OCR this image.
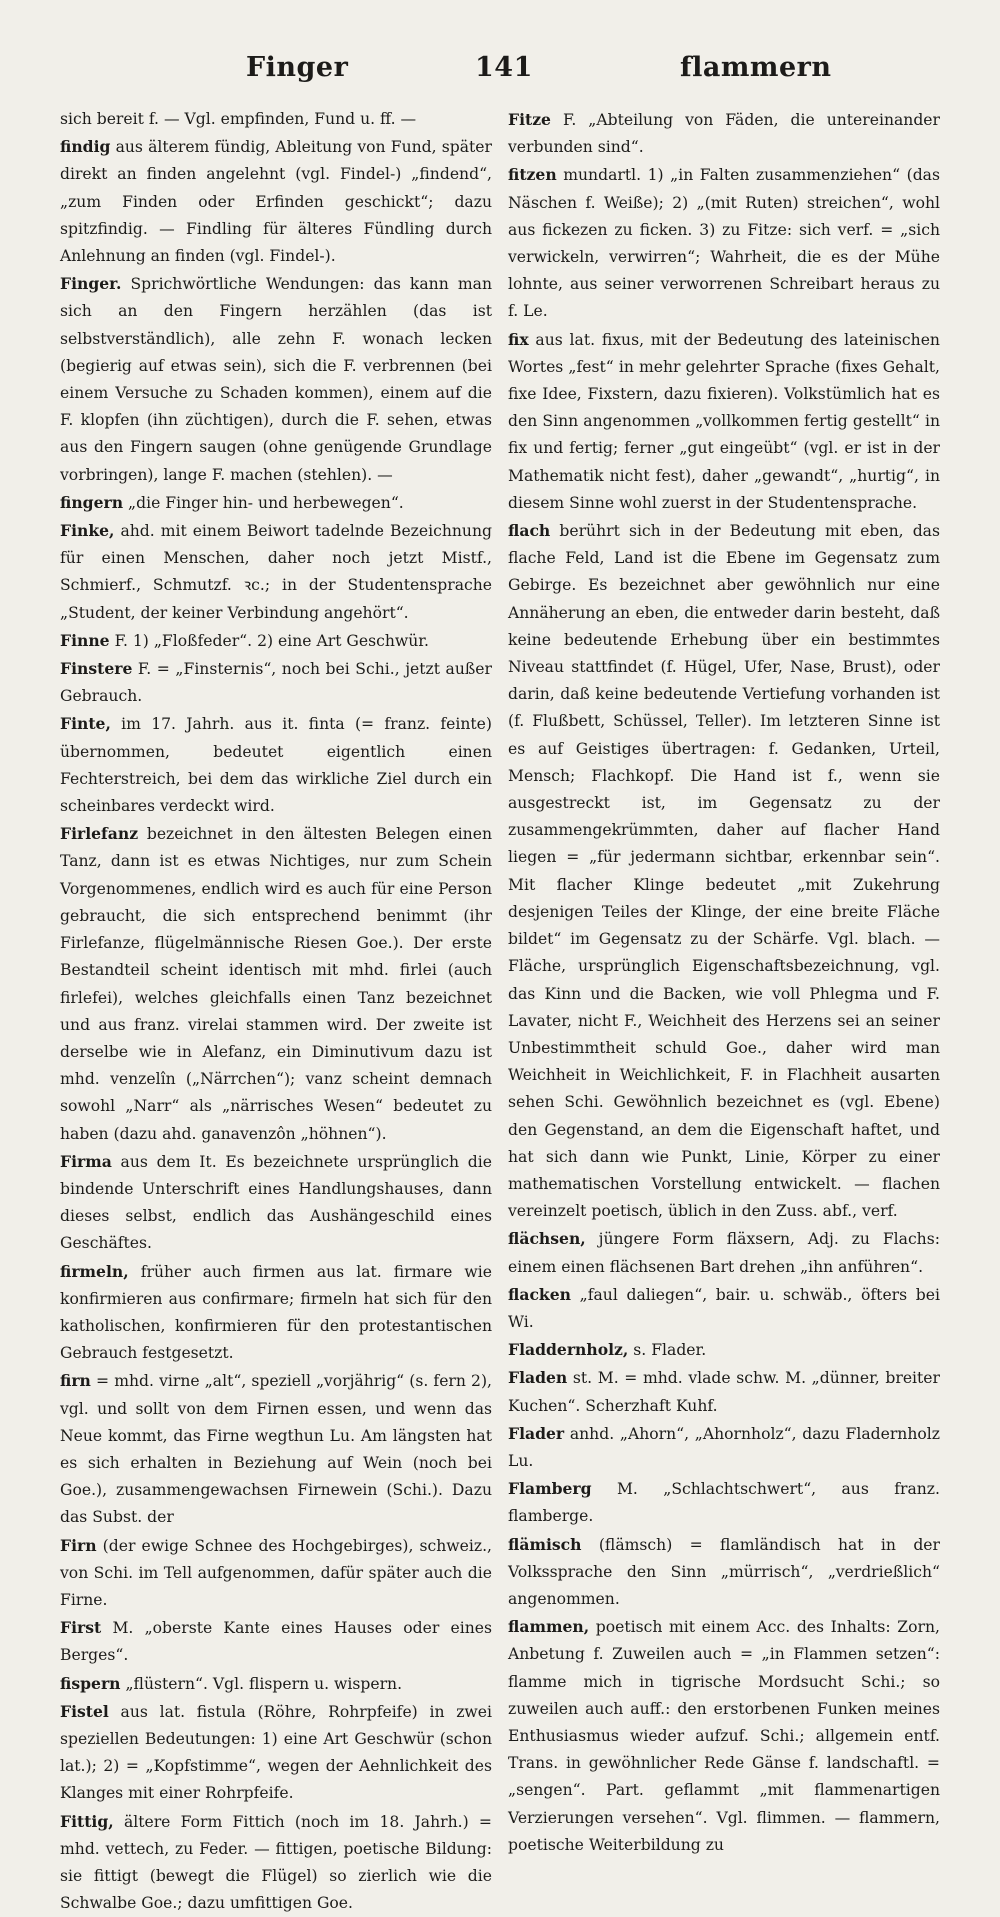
Finger	141	flammern

sich bereit f. — Vgl. empfinden, Fund u. ff. —

findig aus älterem fündig, Ableitung von Fund, später direkt an finden angelehnt (vgl. Findel-) „findend“, „zum Finden oder Erfinden geschickt“; dazu spitzfindig. — Findling für älteres Fündling durch Anlehnung an finden (vgl. Findel-).

Finger. Sprichwörtliche Wendungen: das kann man sich an den Fingern herzählen (das ist selbstverständlich), alle zehn F. wonach lecken (begierig auf etwas sein), sich die F. verbrennen (bei einem Versuche zu Schaden kommen), einem auf die F. klopfen (ihn züchtigen), durch die F. sehen, etwas aus den Fingern saugen (ohne genügende Grundlage vorbringen), lange F. machen (stehlen). —

fingern „die Finger hin- und herbewegen“.

Finke, ahd. mit einem Beiwort tadelnde Bezeichnung für einen Menschen, daher noch jetzt Mistf., Schmierf., Schmutzf. ꝛc.; in der Studentensprache „Student, der keiner Verbindung angehört“.

Finne F. 1) „Floßfeder“. 2) eine Art Geschwür.

Finstere F. = „Finsternis“, noch bei Schi., jetzt außer Gebrauch.

Finte, im 17. Jahrh. aus it. finta (= franz. feinte) übernommen, bedeutet eigentlich einen Fechterstreich, bei dem das wirkliche Ziel durch ein scheinbares verdeckt wird.

Firlefanz bezeichnet in den ältesten Belegen einen Tanz, dann ist es etwas Nichtiges, nur zum Schein Vorgenommenes, endlich wird es auch für eine Person gebraucht, die sich entsprechend benimmt (ihr Firlefanze, flügelmännische Riesen Goe.). Der erste Bestandteil scheint identisch mit mhd. firlei (auch firlefei), welches gleichfalls einen Tanz bezeichnet und aus franz. virelai stammen wird. Der zweite ist derselbe wie in Alefanz, ein Diminutivum dazu ist mhd. venzelîn („Närrchen“); vanz scheint demnach sowohl „Narr“ als „närrisches Wesen“ bedeutet zu haben (dazu ahd. ganavenzôn „höhnen“).

Firma aus dem It. Es bezeichnete ursprünglich die bindende Unterschrift eines Handlungshauses, dann dieses selbst, endlich das Aushängeschild eines Geschäftes.

firmeln, früher auch firmen aus lat. firmare wie konfirmieren aus confirmare; firmeln hat sich für den katholischen, konfirmieren für den protestantischen Gebrauch festgesetzt.

firn = mhd. virne „alt“, speziell „vorjährig“ (s. fern 2), vgl. und sollt von dem Firnen essen, und wenn das Neue kommt, das Firne wegthun Lu. Am längsten hat es sich erhalten in Beziehung auf Wein (noch bei Goe.), zusammengewachsen Firnewein (Schi.). Dazu das Subst. der

Firn (der ewige Schnee des Hochgebirges), schweiz., von Schi. im Tell aufgenommen, dafür später auch die Firne.

First M. „oberste Kante eines Hauses oder eines Berges“.

fispern „flüstern“. Vgl. flispern u. wispern.

Fistel aus lat. fistula (Röhre, Rohrpfeife) in zwei speziellen Bedeutungen: 1) eine Art Geschwür (schon lat.); 2) = „Kopfstimme“, wegen der Aehnlichkeit des Klanges mit einer Rohrpfeife.

Fittig, ältere Form Fittich (noch im 18. Jahrh.) = mhd. vettech, zu Feder. — fittigen, poetische Bildung: sie fittigt (bewegt die Flügel) so zierlich wie die Schwalbe Goe.; dazu umfittigen Goe.

Fitze F. „Abteilung von Fäden, die untereinander verbunden sind“.

fitzen mundartl. 1) „in Falten zusammenziehen“ (das Näschen f. Weiße); 2) „(mit Ruten) streichen“, wohl aus fickezen zu ficken. 3) zu Fitze: sich verf. = „sich verwickeln, verwirren“; Wahrheit, die es der Mühe lohnte, aus seiner verworrenen Schreibart heraus zu f. Le.

fix aus lat. fixus, mit der Bedeutung des lateinischen Wortes „fest“ in mehr gelehrter Sprache (fixes Gehalt, fixe Idee, Fixstern, dazu fixieren). Volkstümlich hat es den Sinn angenommen „vollkommen fertig gestellt“ in fix und fertig; ferner „gut eingeübt“ (vgl. er ist in der Mathematik nicht fest), daher „gewandt“, „hurtig“, in diesem Sinne wohl zuerst in der Studentensprache.

flach berührt sich in der Bedeutung mit eben, das flache Feld, Land ist die Ebene im Gegensatz zum Gebirge. Es bezeichnet aber gewöhnlich nur eine Annäherung an eben, die entweder darin besteht, daß keine bedeutende Erhebung über ein bestimmtes Niveau stattfindet (f. Hügel, Ufer, Nase, Brust), oder darin, daß keine bedeutende Vertiefung vorhanden ist (f. Flußbett, Schüssel, Teller). Im letzteren Sinne ist es auf Geistiges übertragen: f. Gedanken, Urteil, Mensch; Flachkopf. Die Hand ist f., wenn sie ausgestreckt ist, im Gegensatz zu der zusammengekrümmten, daher auf flacher Hand liegen = „für jedermann sichtbar, erkennbar sein“. Mit flacher Klinge bedeutet „mit Zukehrung desjenigen Teiles der Klinge, der eine breite Fläche bildet“ im Gegensatz zu der Schärfe. Vgl. blach. — Fläche, ursprünglich Eigenschaftsbezeichnung, vgl. das Kinn und die Backen, wie voll Phlegma und F. Lavater, nicht F., Weichheit des Herzens sei an seiner Unbestimmtheit schuld Goe., daher wird man Weichheit in Weichlichkeit, F. in Flachheit ausarten sehen Schi. Gewöhnlich bezeichnet es (vgl. Ebene) den Gegenstand, an dem die Eigenschaft haftet, und hat sich dann wie Punkt, Linie, Körper zu einer mathematischen Vorstellung entwickelt. — flachen vereinzelt poetisch, üblich in den Zuss. abf., verf.

flächsen, jüngere Form fläxsern, Adj. zu Flachs: einem einen flächsenen Bart drehen „ihn anführen“.

flacken „faul daliegen“, bair. u. schwäb., öfters bei Wi.

Fladdernholz, s. Flader.

Fladen st. M. = mhd. vlade schw. M. „dünner, breiter Kuchen“. Scherzhaft Kuhf.

Flader anhd. „Ahorn“, „Ahornholz“, dazu Fladernholz Lu.

Flamberg M. „Schlachtschwert“, aus franz. flamberge.

flämisch (flämsch) = flamländisch hat in der Volkssprache den Sinn „mürrisch“, „verdrießlich“ angenommen.

flammen, poetisch mit einem Acc. des Inhalts: Zorn, Anbetung f. Zuweilen auch = „in Flammen setzen“: flamme mich in tigrische Mordsucht Schi.; so zuweilen auch auff.: den erstorbenen Funken meines Enthusiasmus wieder aufzuf. Schi.; allgemein entf. Trans. in gewöhnlicher Rede Gänse f. landschaftl. = „sengen“. Part. geflammt „mit flammenartigen Verzierungen versehen“. Vgl. flimmen. — flammern, poetische Weiterbildung zu
